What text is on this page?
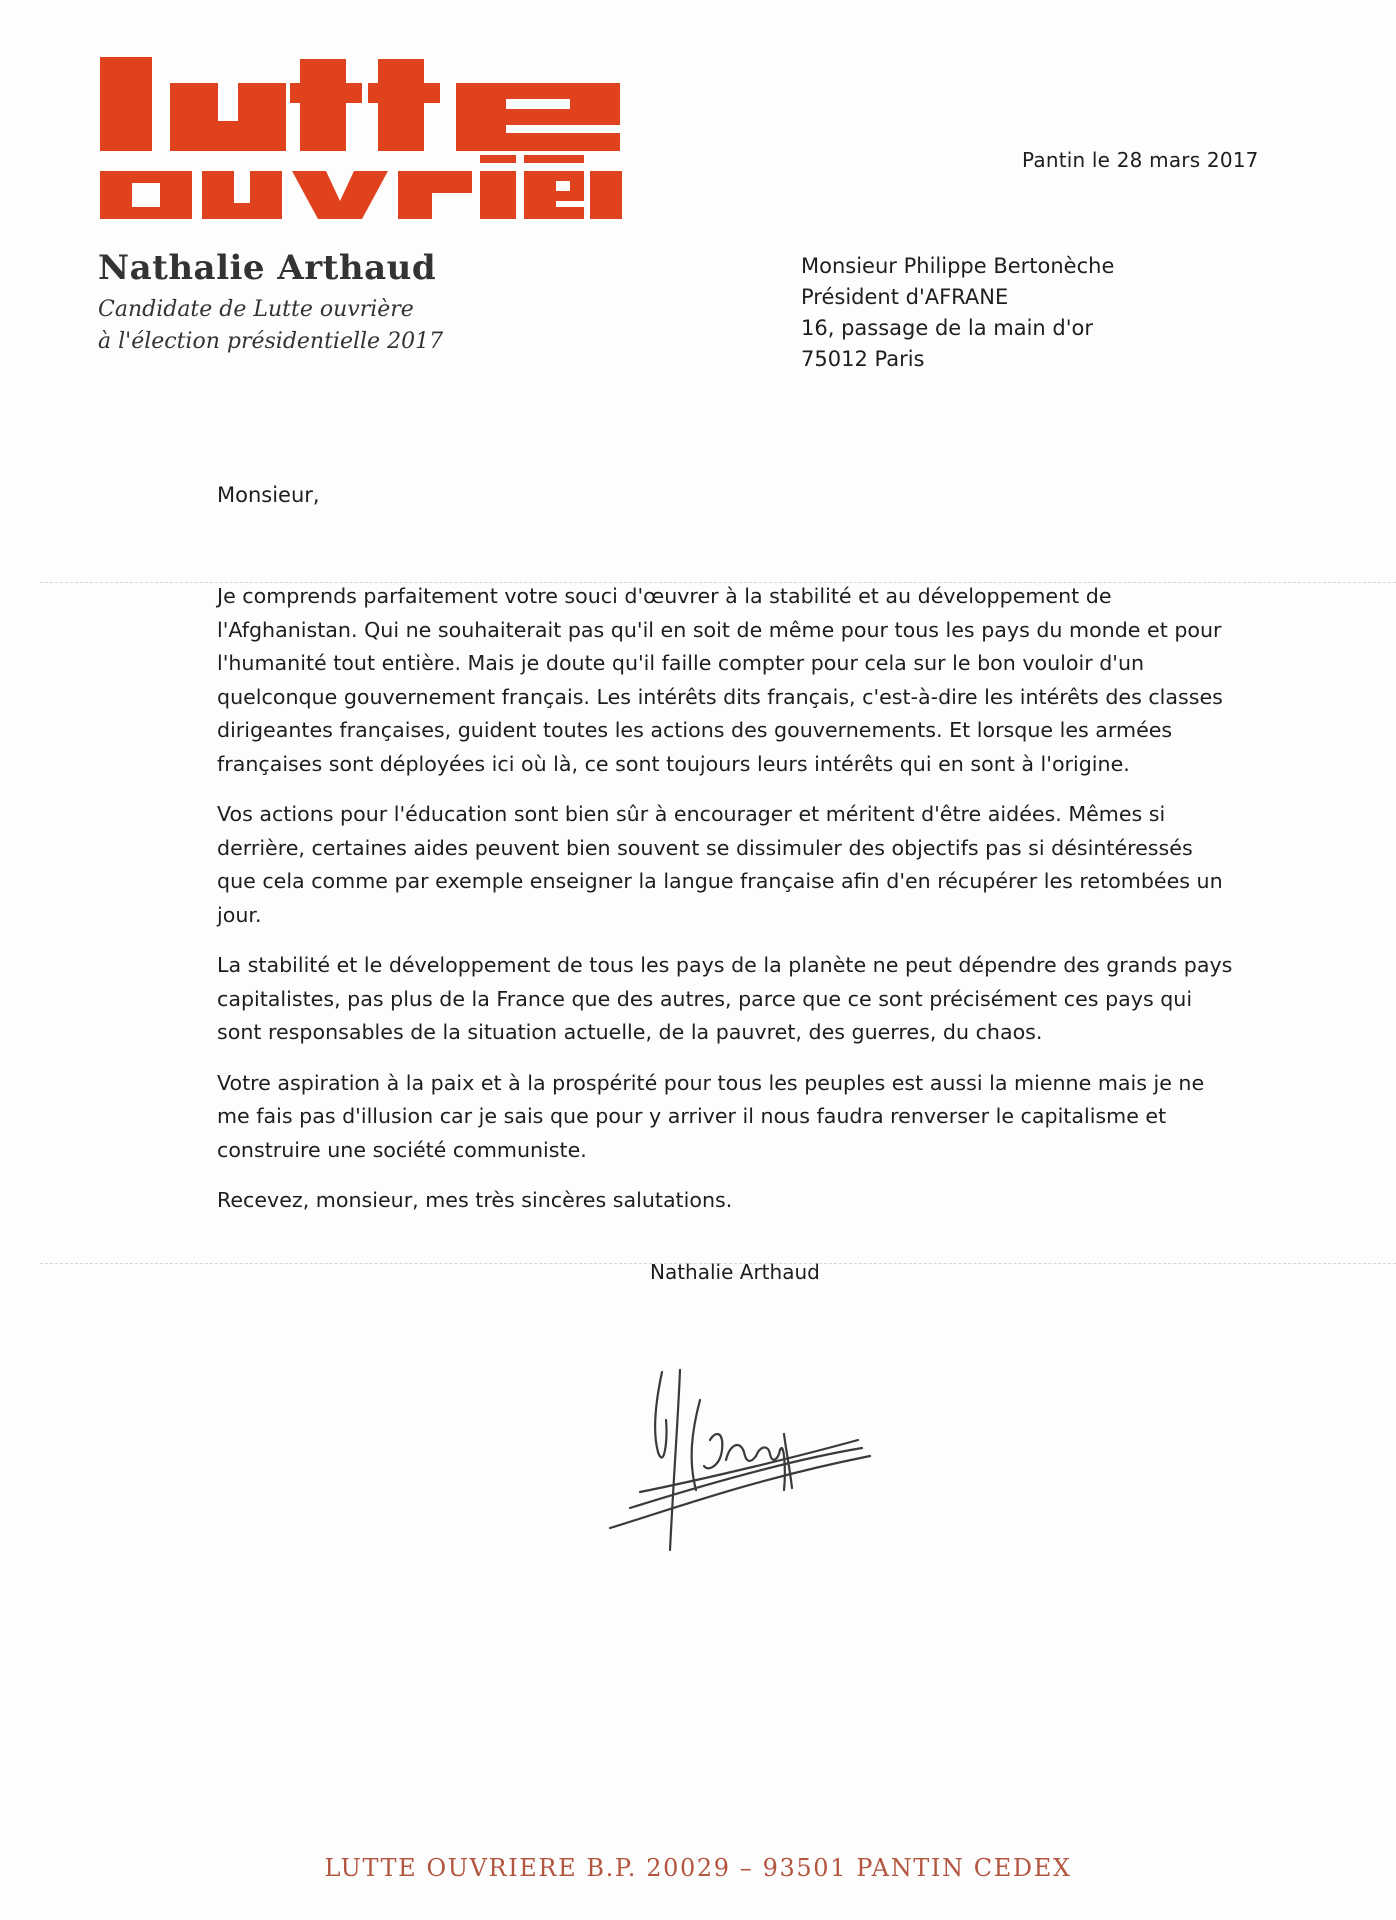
Pantin le 28 mars 2017
Nathalie Arthaud
Candidate de Lutte ouvrière
à l'élection présidentielle 2017
Monsieur Philippe Bertonèche
Président d'AFRANE
16, passage de la main d'or
75012 Paris
Monsieur,

Je comprends parfaitement votre souci d'œuvrer à la stabilité et au développement de l'Afghanistan. Qui ne souhaiterait pas qu'il en soit de même pour tous les pays du monde et pour l'humanité tout entière. Mais je doute qu'il faille compter pour cela sur le bon vouloir d'un quelconque gouvernement français. Les intérêts dits français, c'est-à-dire les intérêts des classes dirigeantes françaises, guident toutes les actions des gouvernements. Et lorsque les armées françaises sont déployées ici où là, ce sont toujours leurs intérêts qui en sont à l'origine.

Vos actions pour l'éducation sont bien sûr à encourager et méritent d'être aidées. Mêmes si derrière, certaines aides peuvent bien souvent se dissimuler des objectifs pas si désintéressés que cela comme par exemple enseigner la langue française afin d'en récupérer les retombées un jour.

La stabilité et le développement de tous les pays de la planète ne peut dépendre des grands pays capitalistes, pas plus de la France que des autres, parce que ce sont précisément ces pays qui sont responsables de la situation actuelle, de la pauvret, des guerres, du chaos.

Votre aspiration à la paix et à la prospérité pour tous les peuples est aussi la mienne mais je ne me fais pas d'illusion car je sais que pour y arriver il nous faudra renverser le capitalisme et construire une société communiste.

Recevez, monsieur, mes très sincères salutations.

Nathalie Arthaud
LUTTE OUVRIERE B.P. 20029 – 93501 PANTIN CEDEX
